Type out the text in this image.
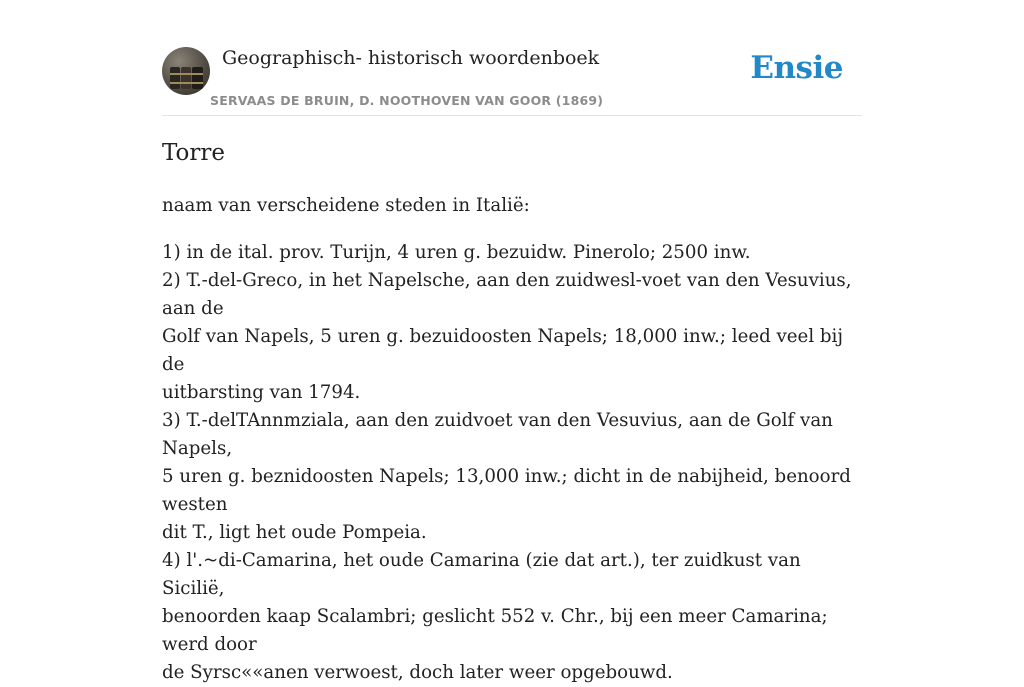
Geographisch- historisch woordenboek
SERVAAS DE BRUIN, D. NOOTHOVEN VAN GOOR (1869)
Ensie
Torre

naam van verscheidene steden in Italië:

1) in de ital. prov. Turijn, 4 uren g. bezuidw. Pinerolo; 2500 inw.
2) T.-del-Greco, in het Napelsche, aan den zuidwesl-voet van den Vesuvius, aan de
Golf van Napels, 5 uren g. bezuidoosten Napels; 18,000 inw.; leed veel bij de
uitbarsting van 1794.
3) T.-delTAnnmziala, aan den zuidvoet van den Vesuvius, aan de Golf van Napels,
5 uren g. beznidoosten Napels; 13,000 inw.; dicht in de nabijheid, benoord westen
dit T., ligt het oude Pompeia.
4) l'.~di-Camarina, het oude Camarina (zie dat art.), ter zuidkust van Sicilië,
benoorden kaap Scalambri; geslicht 552 v. Chr., bij een meer Camarina; werd door
de Syrsc««anen verwoest, doch later weer opgebouwd.
